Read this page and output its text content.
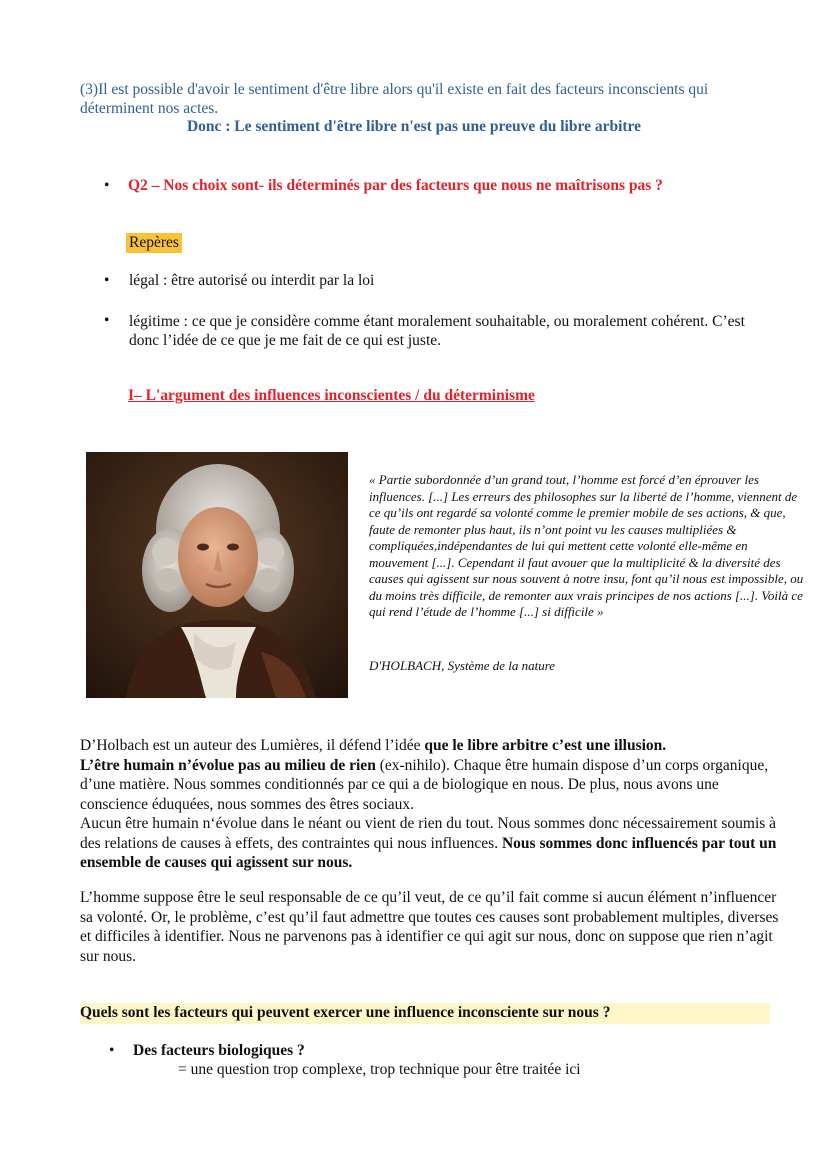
(3)Il est possible d'avoir le sentiment d'être libre alors qu'il existe en fait des facteurs inconscients qui déterminent nos actes.
Donc : Le sentiment d'être libre n'est pas une preuve du libre arbitre
• Q2 – Nos choix sont- ils déterminés par des facteurs que nous ne maîtrisons pas ?
Repères
• légal : être autorisé ou interdit par la loi
• légitime : ce que je considère comme étant moralement souhaitable, ou moralement cohérent. C’est donc l’idée de ce que je me fait de ce qui est juste.
I– L'argument des influences inconscientes / du déterminisme
« Partie subordonnée d’un grand tout, l’homme est forcé d’en éprouver les influences. [...] Les erreurs des philosophes sur la liberté de l’homme, viennent de ce qu’ils ont regardé sa volonté comme le premier mobile de ses actions, & que, faute de remonter plus haut, ils n’ont point vu les causes multipliées & compliquées,indépendantes de lui qui mettent cette volonté elle-même en mouvement [...]. Cependant il faut avouer que la multiplicité & la diversité des causes qui agissent sur nous souvent à notre insu, font qu’il nous est impossible, ou du moins très difficile, de remonter aux vrais principes de nos actions [...]. Voilà ce qui rend l’étude de l’homme [...] si difficile »
D'HOLBACH, Système de la nature
D’Holbach est un auteur des Lumières, il défend l’idée que le libre arbitre c’est une illusion.
L’être humain n’évolue pas au milieu de rien (ex-nihilo). Chaque être humain dispose d’un corps organique, d’une matière. Nous sommes conditionnés par ce qui a de biologique en nous. De plus, nous avons une conscience éduquées, nous sommes des êtres sociaux.
Aucun être humain n‘évolue dans le néant ou vient de rien du tout. Nous sommes donc nécessairement soumis à des relations de causes à effets, des contraintes qui nous influences. Nous sommes donc influencés par tout un ensemble de causes qui agissent sur nous.
L’homme suppose être le seul responsable de ce qu’il veut, de ce qu’il fait comme si aucun élément n’influencer sa volonté. Or, le problème, c’est qu’il faut admettre que toutes ces causes sont probablement multiples, diverses et difficiles à identifier. Nous ne parvenons pas à identifier ce qui agit sur nous, donc on suppose que rien n’agit sur nous.
Quels sont les facteurs qui peuvent exercer une influence inconsciente sur nous ?
• Des facteurs biologiques ?
= une question trop complexe, trop technique pour être traitée ici
